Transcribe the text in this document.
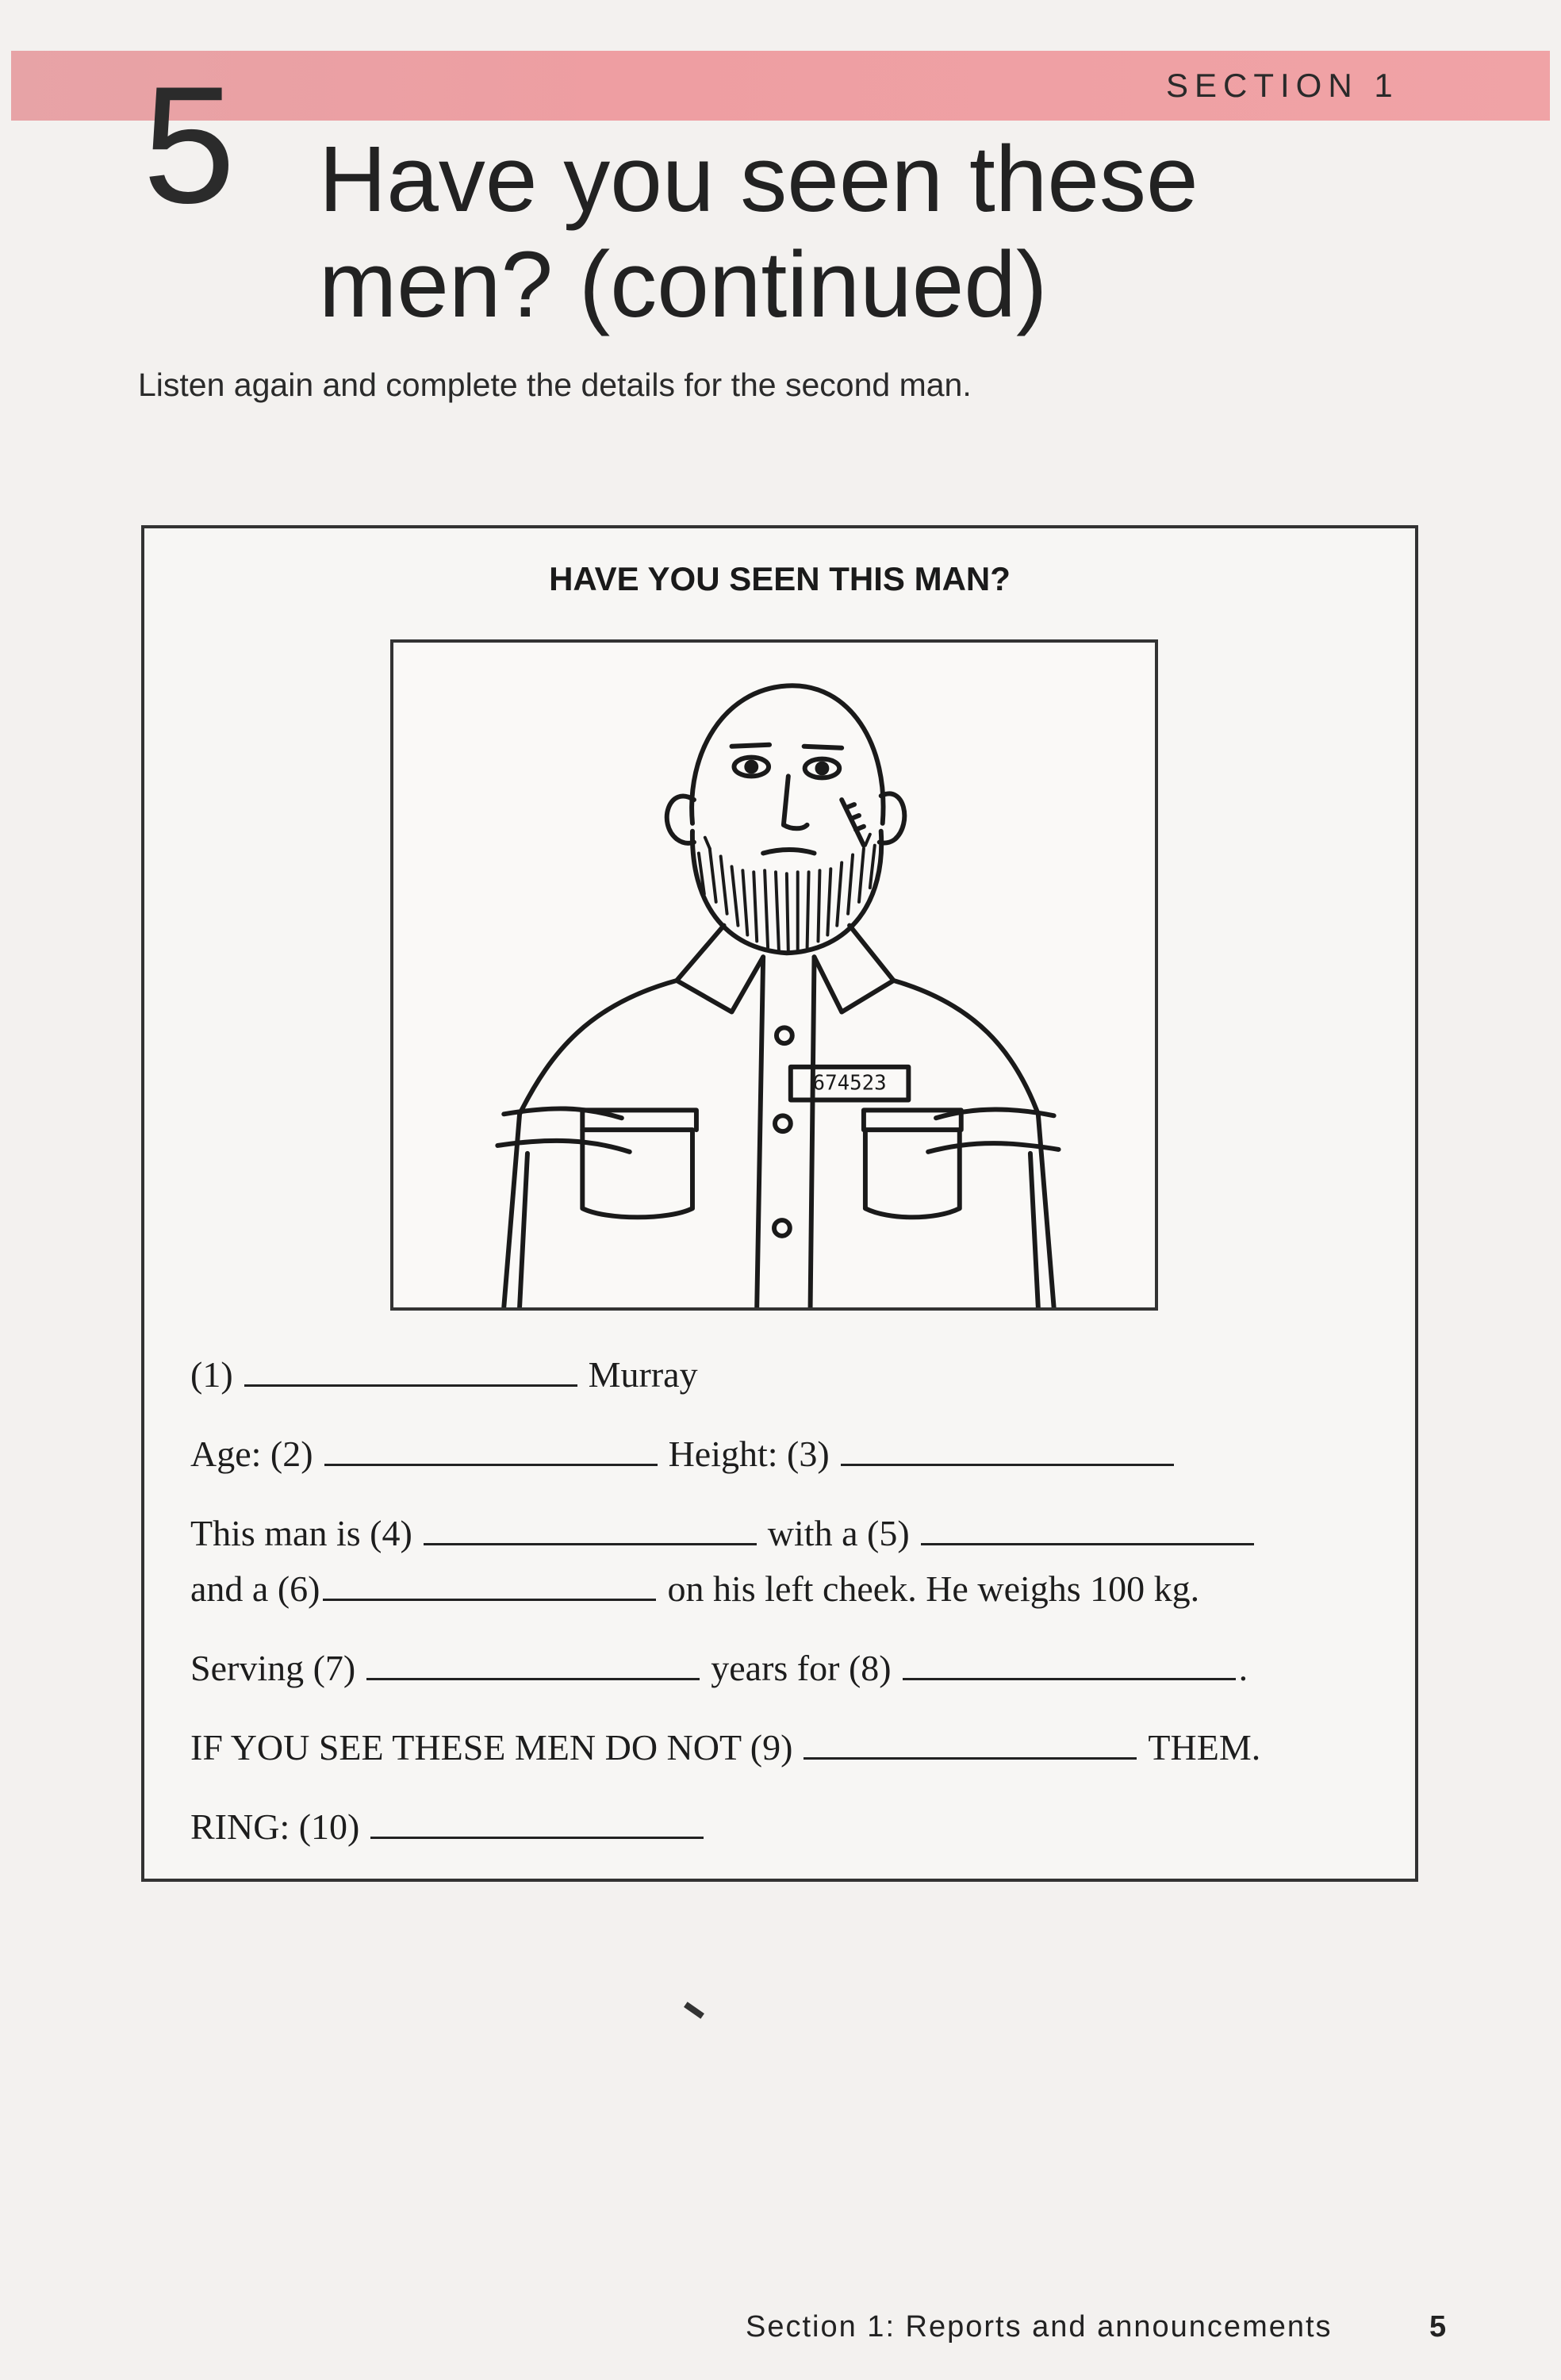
SECTION 1
5 Have you seen these men? (continued)
Listen again and complete the details for the second man.
HAVE YOU SEEN THIS MAN?
674523
(1)	Murray
Age: (2)	Height: (3)
This man is (4)	with a (5)
and a (6)	on his left cheek. He weighs 100 kg.
Serving (7)	years for (8)	.
IF YOU SEE THESE MEN DO NOT (9)	THEM.
RING: (10)
Section 1: Reports and announcements	5
